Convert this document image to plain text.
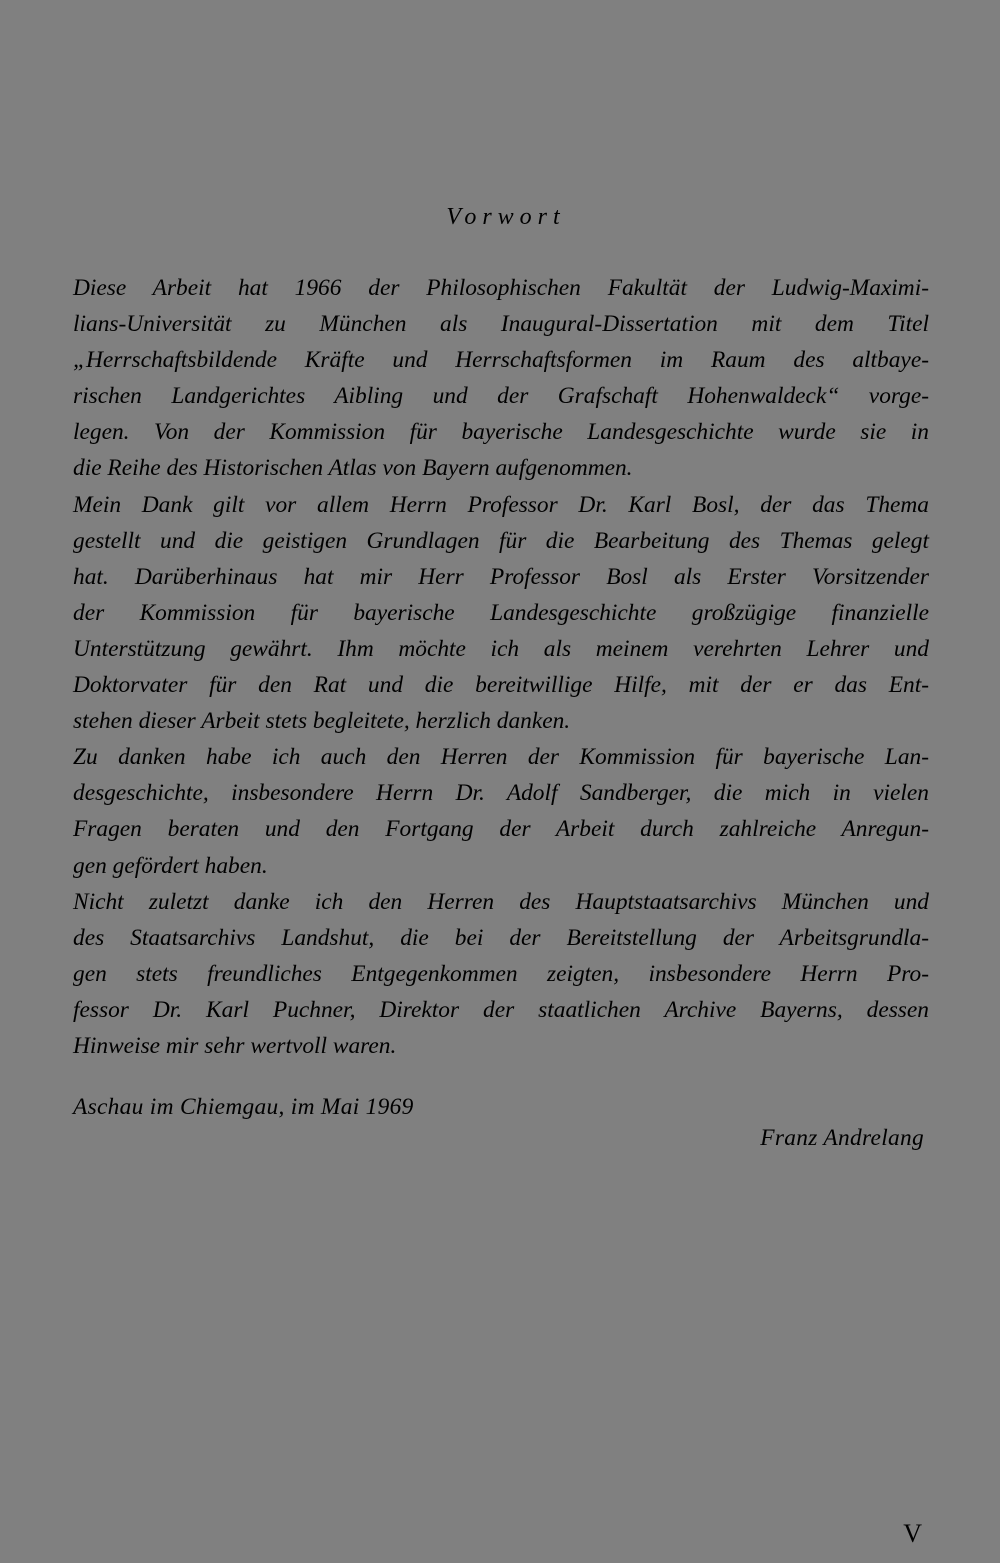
Vorwort
Diese Arbeit hat 1966 der Philosophischen Fakultät der Ludwig-Maximi-
lians-Universität zu München als Inaugural-Dissertation mit dem Titel
„Herrschaftsbildende Kräfte und Herrschaftsformen im Raum des altbaye-
rischen Landgerichtes Aibling und der Grafschaft Hohenwaldeck“ vorge-
legen. Von der Kommission für bayerische Landesgeschichte wurde sie in
die Reihe des Historischen Atlas von Bayern aufgenommen.
Mein Dank gilt vor allem Herrn Professor Dr. Karl Bosl, der das Thema
gestellt und die geistigen Grundlagen für die Bearbeitung des Themas gelegt
hat. Darüberhinaus hat mir Herr Professor Bosl als Erster Vorsitzender
der Kommission für bayerische Landesgeschichte großzügige finanzielle
Unterstützung gewährt. Ihm möchte ich als meinem verehrten Lehrer und
Doktorvater für den Rat und die bereitwillige Hilfe, mit der er das Ent-
stehen dieser Arbeit stets begleitete, herzlich danken.
Zu danken habe ich auch den Herren der Kommission für bayerische Lan-
desgeschichte, insbesondere Herrn Dr. Adolf Sandberger, die mich in vielen
Fragen beraten und den Fortgang der Arbeit durch zahlreiche Anregun-
gen gefördert haben.
Nicht zuletzt danke ich den Herren des Hauptstaatsarchivs München und
des Staatsarchivs Landshut, die bei der Bereitstellung der Arbeitsgrundla-
gen stets freundliches Entgegenkommen zeigten, insbesondere Herrn Pro-
fessor Dr. Karl Puchner, Direktor der staatlichen Archive Bayerns, dessen
Hinweise mir sehr wertvoll waren.
Aschau im Chiemgau, im Mai 1969
Franz Andrelang
V
